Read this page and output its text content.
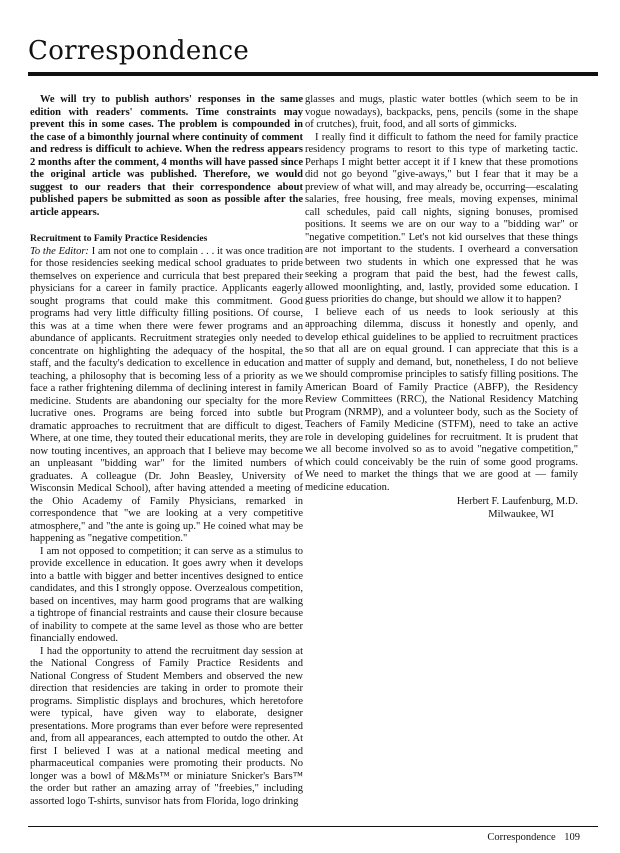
Correspondence

We will try to publish authors' responses in the same edition with readers' comments. Time constraints may prevent this in some cases. The problem is compounded in the case of a bimonthly journal where continuity of comment and redress is difficult to achieve. When the redress appears 2 months after the comment, 4 months will have passed since the original article was published. Therefore, we would suggest to our readers that their correspondence about published papers be submitted as soon as possible after the article appears.

Recruitment to Family Practice Residencies

To the Editor: I am not one to complain . . . it was once tradition for those residencies seeking medical school graduates to pride themselves on experience and curricula that best prepared their physicians for a career in family practice. Applicants eagerly sought programs that could make this commitment. Good programs had very little difficulty filling positions. Of course, this was at a time when there were fewer programs and an abundance of applicants. Recruitment strategies only needed to concentrate on highlighting the adequacy of the hospital, the staff, and the faculty's dedication to excellence in education and teaching, a philosophy that is becoming less of a priority as we face a rather frightening dilemma of declining interest in family medicine. Students are abandoning our specialty for the more lucrative ones. Programs are being forced into subtle but dramatic approaches to recruitment that are difficult to digest. Where, at one time, they touted their educational merits, they are now touting incentives, an approach that I believe may become an unpleasant "bidding war" for the limited numbers of graduates. A colleague (Dr. John Beasley, University of Wisconsin Medical School), after having attended a meeting of the Ohio Academy of Family Physicians, remarked in correspondence that "we are looking at a very competitive atmosphere," and "the ante is going up." He coined what may be happening as "negative competition."

I am not opposed to competition; it can serve as a stimulus to provide excellence in education. It goes awry when it develops into a battle with bigger and better incentives designed to entice candidates, and this I strongly oppose. Overzealous competition, based on incentives, may harm good programs that are walking a tightrope of financial restraints and cause their closure because of inability to compete at the same level as those who are better financially endowed.

I had the opportunity to attend the recruitment day session at the National Congress of Family Practice Residents and National Congress of Student Members and observed the new direction that residencies are taking in order to promote their programs. Simplistic displays and brochures, which heretofore were typical, have given way to elaborate, designer presentations. More programs than ever before were represented and, from all appearances, each attempted to outdo the other. At first I believed I was at a national medical meeting and pharmaceutical companies were promoting their products. No longer was a bowl of M&Ms™ or miniature Snicker's Bars™ the order but rather an amazing array of "freebies," including assorted logo T-shirts, sunvisor hats from Florida, logo drinking

glasses and mugs, plastic water bottles (which seem to be in vogue nowadays), backpacks, pens, pencils (some in the shape of crutches), fruit, food, and all sorts of gimmicks.

I really find it difficult to fathom the need for family practice residency programs to resort to this type of marketing tactic. Perhaps I might better accept it if I knew that these promotions did not go beyond "give-aways," but I fear that it may be a preview of what will, and may already be, occurring—escalating salaries, free housing, free meals, moving expenses, minimal call schedules, paid call nights, signing bonuses, promised positions. It seems we are on our way to a "bidding war" or "negative competition." Let's not kid ourselves that these things are not important to the students. I overheard a conversation between two students in which one expressed that he was seeking a program that paid the best, had the fewest calls, allowed moonlighting, and, lastly, provided some education. I guess priorities do change, but should we allow it to happen?

I believe each of us needs to look seriously at this approaching dilemma, discuss it honestly and openly, and develop ethical guidelines to be applied to recruitment practices so that all are on equal ground. I can appreciate that this is a matter of supply and demand, but, nonetheless, I do not believe we should compromise principles to satisfy filling positions. The American Board of Family Practice (ABFP), the Residency Review Committees (RRC), the National Residency Matching Program (NRMP), and a volunteer body, such as the Society of Teachers of Family Medicine (STFM), need to take an active role in developing guidelines for recruitment. It is prudent that we all become involved so as to avoid "negative competition," which could conceivably be the ruin of some good programs. We need to market the things that we are good at — family medicine education.

Herbert F. Laufenburg, M.D.
Milwaukee, WI
Correspondence 109
